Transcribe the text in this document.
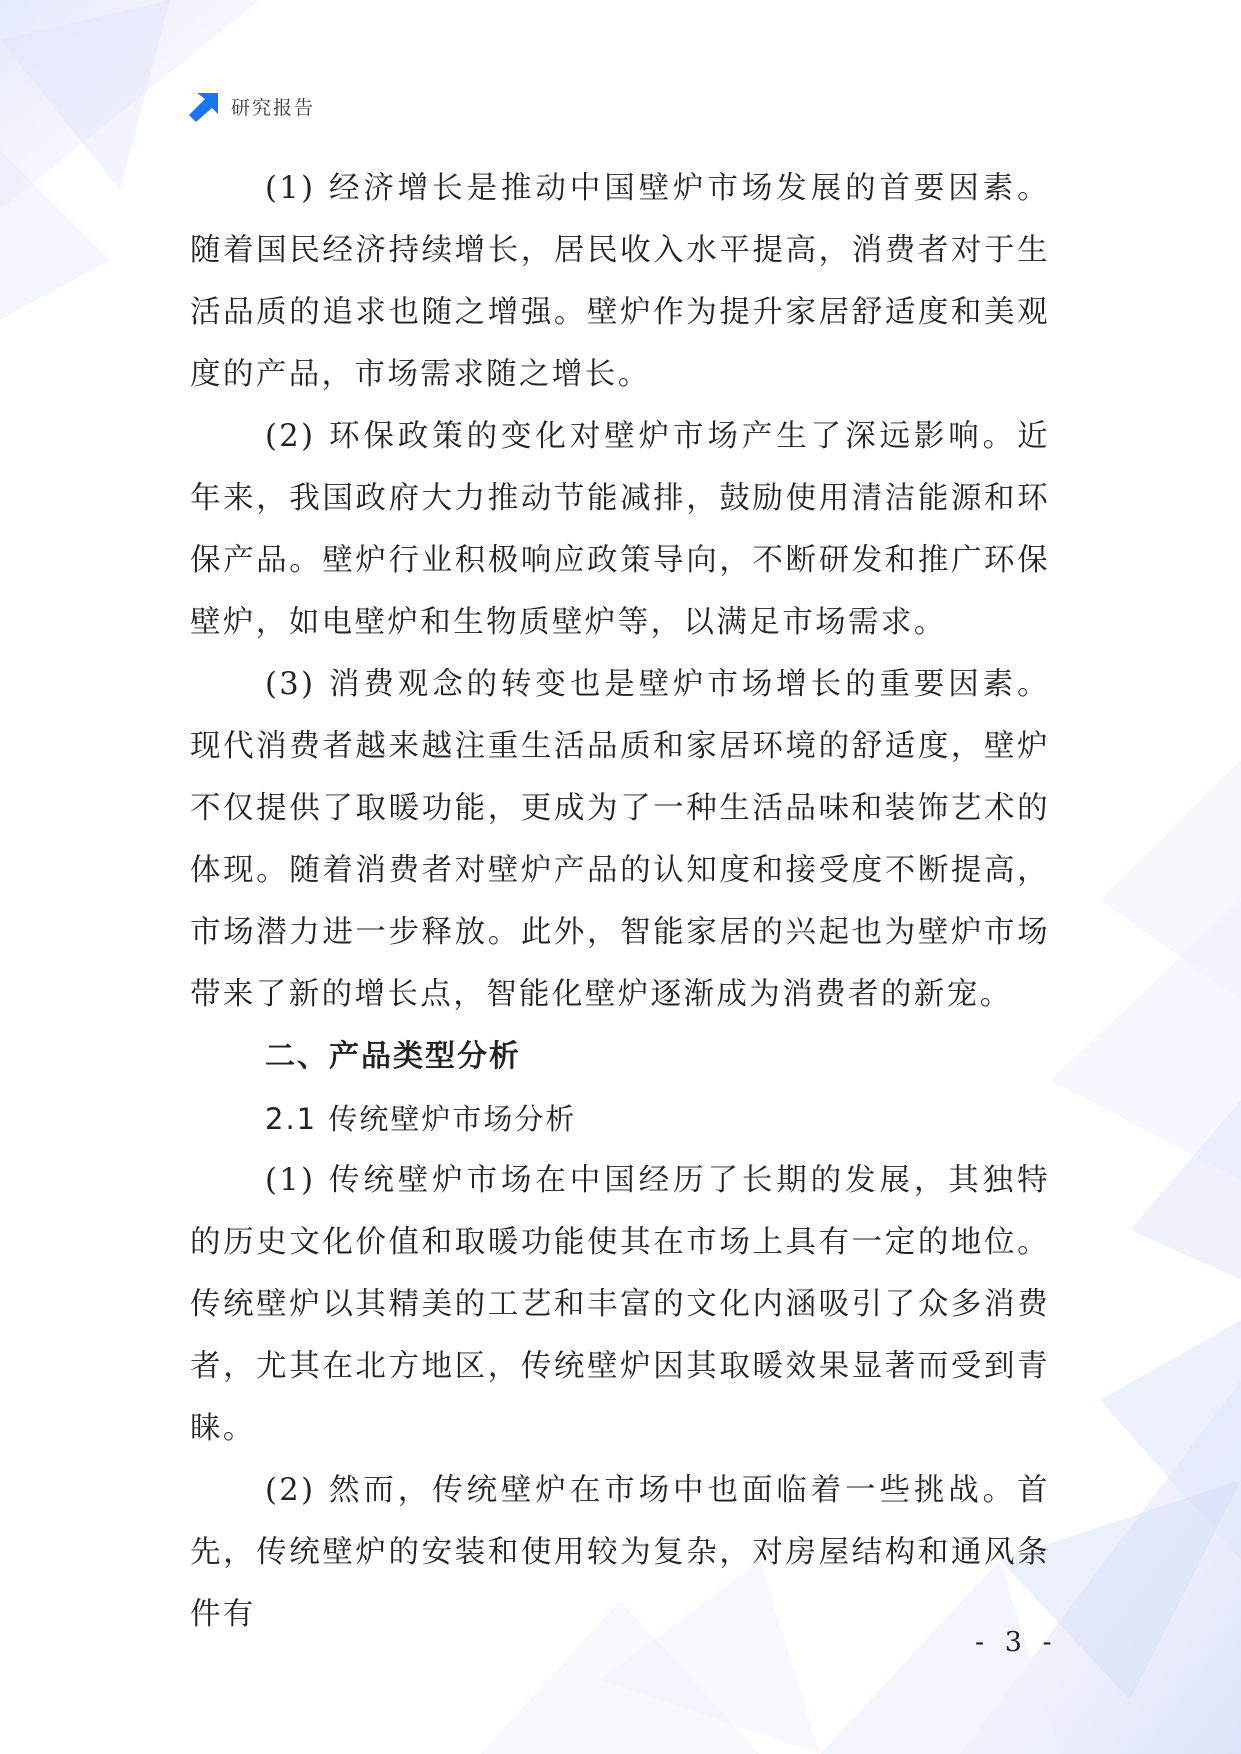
研究报告

(1) 经济增长是推动中国壁炉市场发展的首要因素。随着国民经济持续增长，居民收入水平提高，消费者对于生活品质的追求也随之增强。壁炉作为提升家居舒适度和美观度的产品，市场需求随之增长。

(2) 环保政策的变化对壁炉市场产生了深远影响。近年来，我国政府大力推动节能减排，鼓励使用清洁能源和环保产品。壁炉行业积极响应政策导向，不断研发和推广环保壁炉，如电壁炉和生物质壁炉等，以满足市场需求。

(3) 消费观念的转变也是壁炉市场增长的重要因素。现代消费者越来越注重生活品质和家居环境的舒适度，壁炉不仅提供了取暖功能，更成为了一种生活品味和装饰艺术的体现。随着消费者对壁炉产品的认知度和接受度不断提高，市场潜力进一步释放。此外，智能家居的兴起也为壁炉市场带来了新的增长点，智能化壁炉逐渐成为消费者的新宠。

二、产品类型分析

2.1 传统壁炉市场分析

(1) 传统壁炉市场在中国经历了长期的发展，其独特的历史文化价值和取暖功能使其在市场上具有一定的地位。传统壁炉以其精美的工艺和丰富的文化内涵吸引了众多消费者，尤其在北方地区，传统壁炉因其取暖效果显著而受到青睐。

(2) 然而，传统壁炉在市场中也面临着一些挑战。首先，传统壁炉的安装和使用较为复杂，对房屋结构和通风条件有

- 3 -
